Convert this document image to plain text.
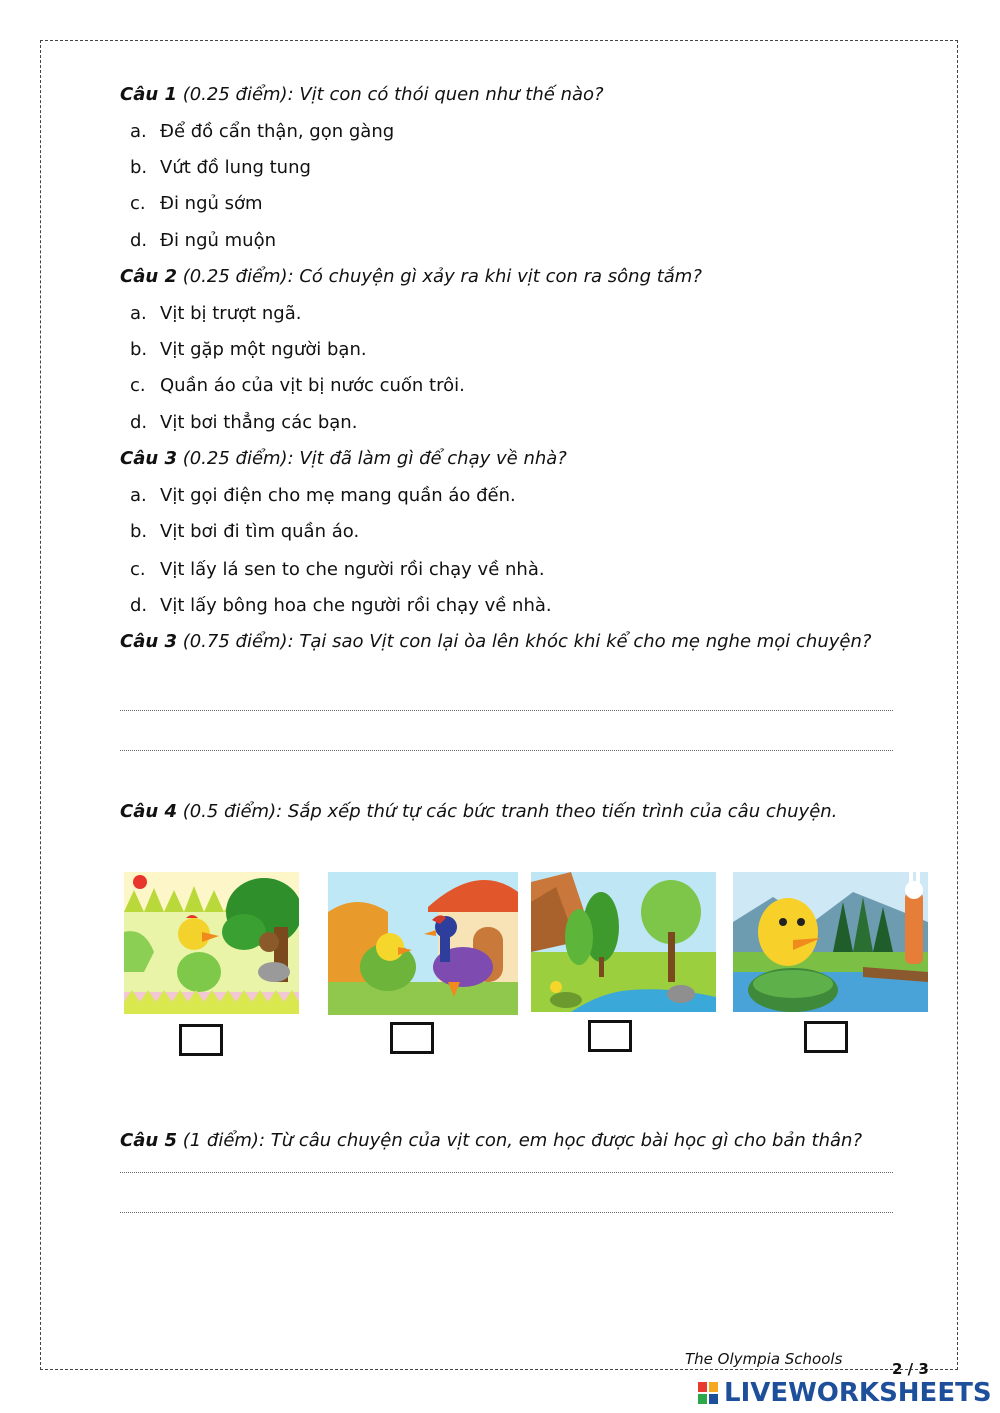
Câu 1 (0.25 điểm): Vịt con có thói quen như thế nào?
a. Để đồ cẩn thận, gọn gàng
b. Vứt đồ lung tung
c. Đi ngủ sớm
d. Đi ngủ muộn
Câu 2 (0.25 điểm): Có chuyện gì xảy ra khi vịt con ra sông tắm?
a. Vịt bị trượt ngã.
b. Vịt gặp một người bạn.
c. Quần áo của vịt bị nước cuốn trôi.
d. Vịt bơi thẳng các bạn.
Câu 3 (0.25 điểm): Vịt đã làm gì để chạy về nhà?
a. Vịt gọi điện cho mẹ mang quần áo đến.
b. Vịt bơi đi tìm quần áo.
c. Vịt lấy lá sen to che người rồi chạy về nhà.
d. Vịt lấy bông hoa che người rồi chạy về nhà.
Câu 3 (0.75 điểm): Tại sao Vịt con lại òa lên khóc khi kể cho mẹ nghe mọi chuyện?
Câu 4 (0.5 điểm): Sắp xếp thứ tự các bức tranh theo tiến trình của câu chuyện.
Câu 5 (1 điểm): Từ câu chuyện của vịt con, em học được bài học gì cho bản thân?
The Olympia Schools
2 / 3
LIVEWORKSHEETS
